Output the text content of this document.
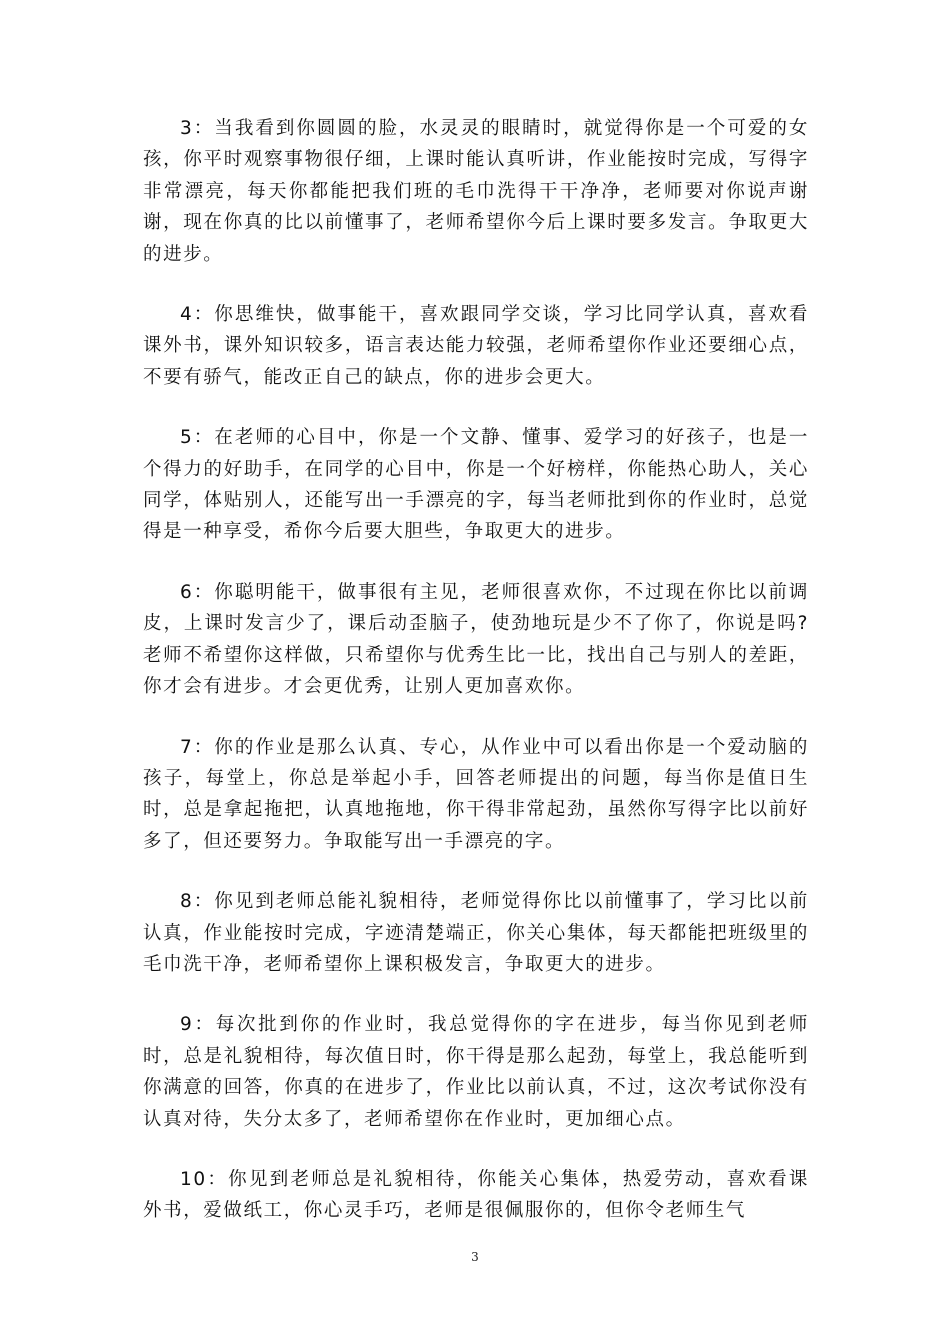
3：当我看到你圆圆的脸，水灵灵的眼睛时，就觉得你是一个可爱的女孩，你平时观察事物很仔细，上课时能认真听讲，作业能按时完成，写得字非常漂亮，每天你都能把我们班的毛巾洗得干干净净，老师要对你说声谢谢，现在你真的比以前懂事了，老师希望你今后上课时要多发言。争取更大的进步。

4：你思维快，做事能干，喜欢跟同学交谈，学习比同学认真，喜欢看课外书，课外知识较多，语言表达能力较强，老师希望你作业还要细心点，不要有骄气，能改正自己的缺点，你的进步会更大。

5：在老师的心目中，你是一个文静、懂事、爱学习的好孩子，也是一个得力的好助手，在同学的心目中，你是一个好榜样，你能热心助人，关心同学，体贴别人，还能写出一手漂亮的字，每当老师批到你的作业时，总觉得是一种享受，希你今后要大胆些，争取更大的进步。

6：你聪明能干，做事很有主见，老师很喜欢你，不过现在你比以前调皮，上课时发言少了，课后动歪脑子，使劲地玩是少不了你了，你说是吗?老师不希望你这样做，只希望你与优秀生比一比，找出自己与别人的差距，你才会有进步。才会更优秀，让别人更加喜欢你。

7：你的作业是那么认真、专心，从作业中可以看出你是一个爱动脑的孩子，每堂上，你总是举起小手，回答老师提出的问题，每当你是值日生时，总是拿起拖把，认真地拖地，你干得非常起劲，虽然你写得字比以前好多了，但还要努力。争取能写出一手漂亮的字。

8：你见到老师总能礼貌相待，老师觉得你比以前懂事了，学习比以前认真，作业能按时完成，字迹清楚端正，你关心集体，每天都能把班级里的毛巾洗干净，老师希望你上课积极发言，争取更大的进步。

9：每次批到你的作业时，我总觉得你的字在进步，每当你见到老师时，总是礼貌相待，每次值日时，你干得是那么起劲，每堂上，我总能听到你满意的回答，你真的在进步了，作业比以前认真，不过，这次考试你没有认真对待，失分太多了，老师希望你在作业时，更加细心点。

10：你见到老师总是礼貌相待，你能关心集体，热爱劳动，喜欢看课外书，爱做纸工，你心灵手巧，老师是很佩服你的，但你令老师生气

3
